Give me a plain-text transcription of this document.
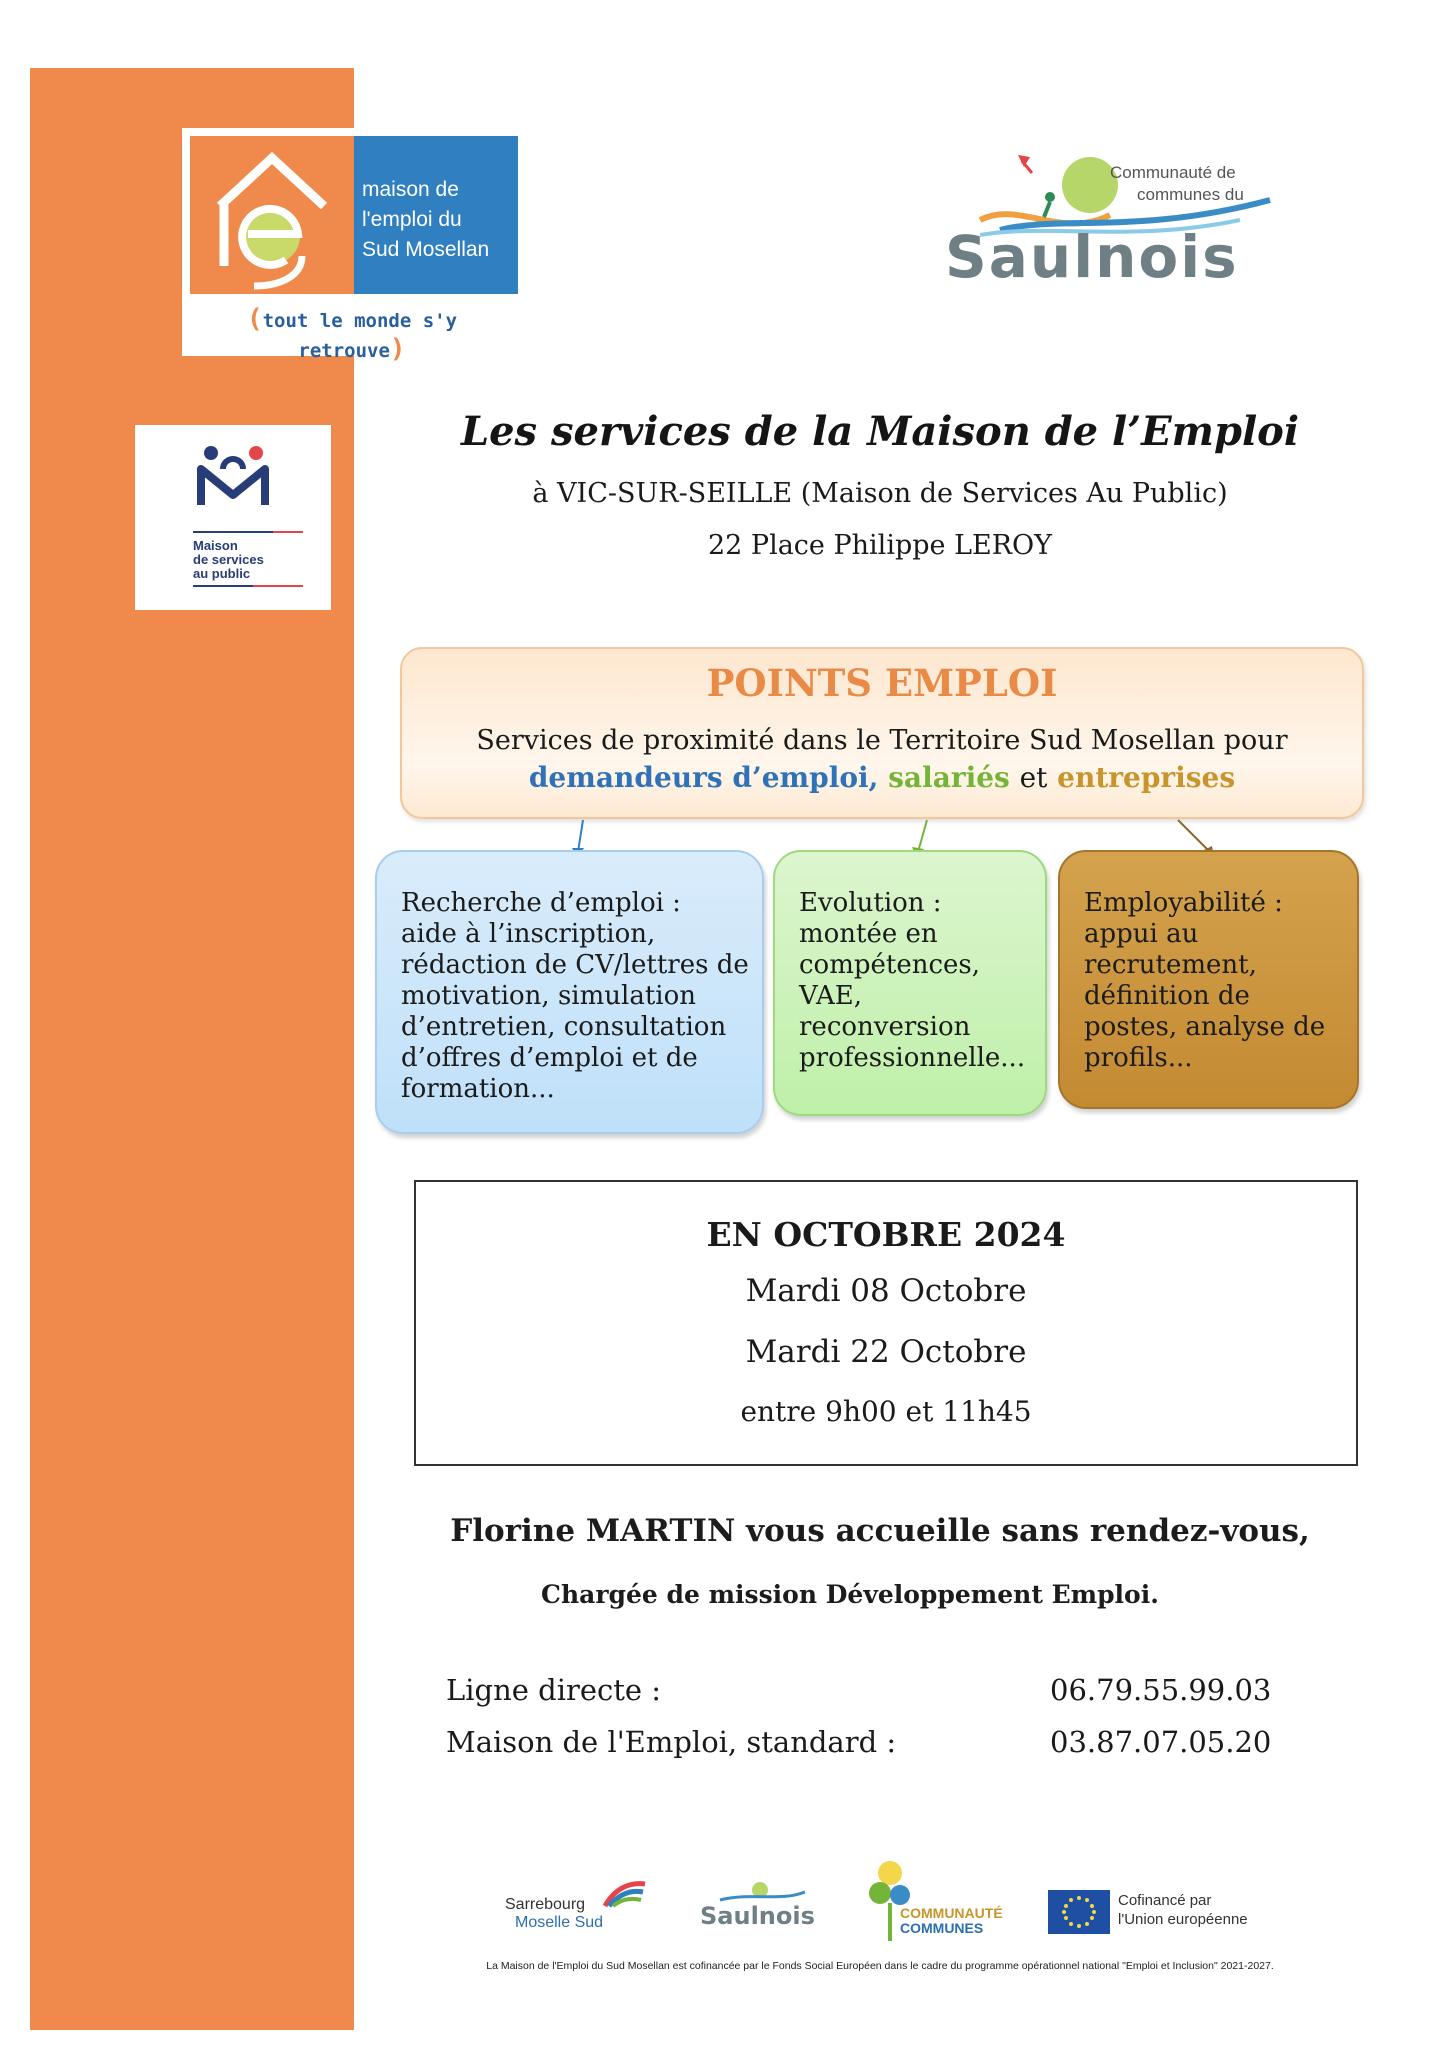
maison de
l'emploi du
Sud Mosellan
(tout le monde s'y retrouve)
Maison
de services
au public
Communauté de
communes du
Saulnois
Les services de la Maison de l’Emploi
à VIC-SUR-SEILLE (Maison de Services Au Public)
22 Place Philippe LEROY
POINTS EMPLOI
Services de proximité dans le Territoire Sud Mosellan pour
demandeurs d’emploi, salariés et entreprises
Recherche d’emploi :
aide à l’inscription,
rédaction de CV/lettres de
motivation, simulation
d’entretien, consultation
d’offres d’emploi et de
formation...
Evolution :
montée en
compétences,
VAE,
reconversion
professionnelle...
Employabilité :
appui au
recrutement,
définition de
postes, analyse de
profils...
EN OCTOBRE 2024
Mardi 08 Octobre
Mardi 22 Octobre
entre 9h00 et 11h45
Florine MARTIN vous accueille sans rendez-vous,
Chargée de mission Développement Emploi.
Ligne directe :	06.79.55.99.03
Maison de l'Emploi, standard :	03.87.07.05.20
Sarrebourg
Moselle Sud	Saulnois	COMMUNAUTÉ
COMMUNES
Cofinancé par
l'Union européenne
La Maison de l'Emploi du Sud Mosellan est cofinancée par le Fonds Social Européen dans le cadre du programme opérationnel national "Emploi et Inclusion" 2021-2027.
